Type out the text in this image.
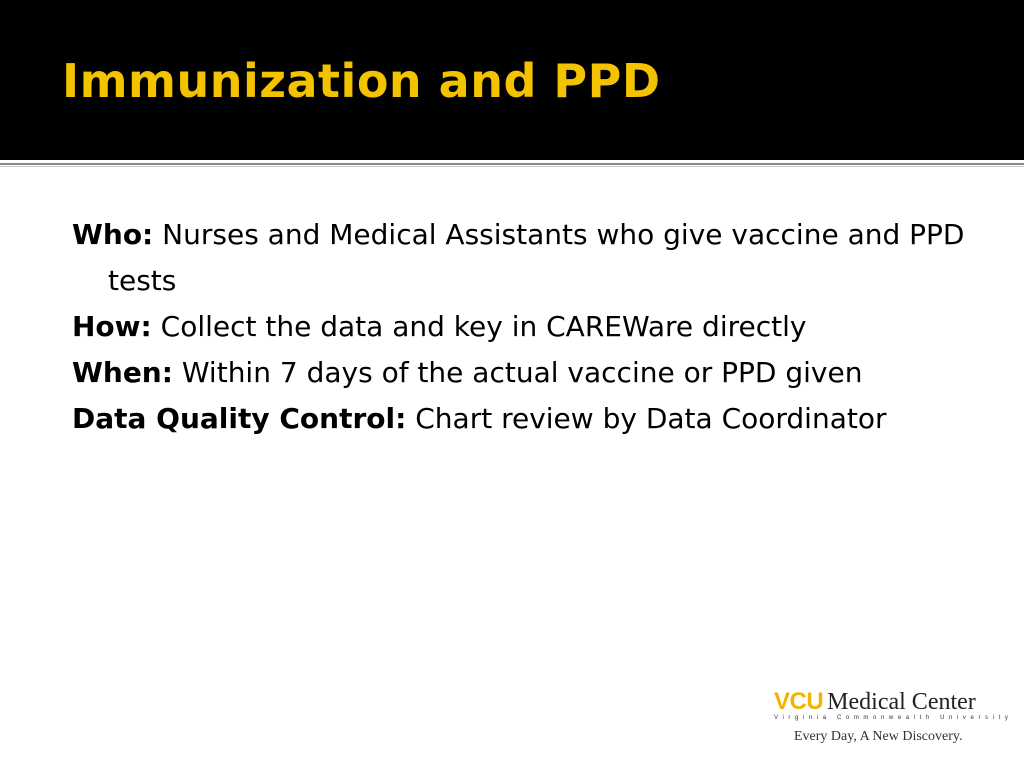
Immunization and PPD

Who: Nurses and Medical Assistants who give vaccine and PPD tests

How: Collect the data and key in CAREWare directly

When: Within 7 days of the actual vaccine or PPD given

Data Quality Control: Chart review by Data Coordinator

VCU Medical Center
Virginia Commonwealth University
Every Day, A New Discovery.
